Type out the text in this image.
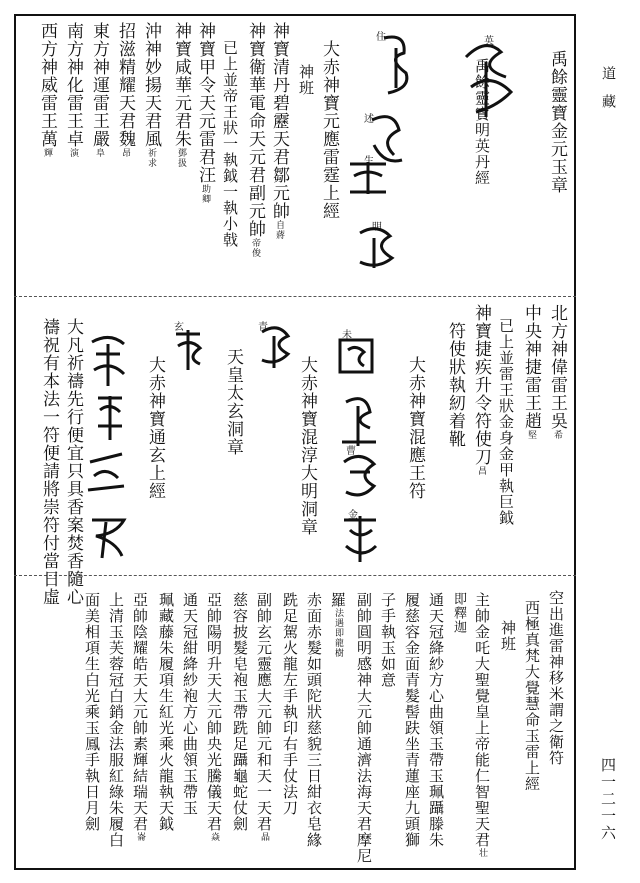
道藏
四一二一六
禹餘靈寶金元玉章
禹餘靈寶明英丹經
英
住
述
生
明
大赤神寶元應雷霆上經
神班
神寶清丹碧靂天君鄒元帥自蔣
神寶衛華電命天元君副元帥帝俊
已上並帝王狀一執鉞一執小戟
神寶甲令天元雷君汪助卿
神寶咸華元君朱鄧扱
沖神妙揚天君風祈求
招滋精耀天君魏昂
東方神運雷王嚴阜
南方神化雷王卓演
西方神威雷王萬輝
北方神偉雷王吳希
中央神捷雷王趙堅
已上並雷王狀金身金甲執巨鉞
神寶捷疾升令符使刀昌
符使狀執紉着靴
大赤神寶混應王符
大赤神寶混淳大明洞章
未
曹
金
青
天皇太玄洞章
玄
大赤神寶通玄上經
大凡祈禱先行便宜只具香案焚香隨心
禱祝有本法一符便請將崇符付當日虛
空出進雷神移米謂之衛符
西極真梵大覺慧命玉雷上經
神班
主帥金吒大聖覺皇上帝能仁智聖天君壮
即釋迦
通天冠絳紗方心曲領玉帶玉珮躡滕朱
履慈容金面青髮髻趺坐青蓮座九頭獅
子手執玉如意
副帥圓明感神大元帥通濟法海天君摩尼
羅法遇即龍樹
赤面赤髮如頭陀狀慈貌三日紺衣皂緣
跣足駕火龍左手執印右手仗法刀
副帥玄元靈應大元帥元和天一天君晶
慈容披髮皂袍玉帶跣足躡龜蛇仗劍
亞帥陽明升天大元帥央光騰儀天君焱
通天冠紺絳紗袍方心曲領玉帶玉
珮藏藤朱履項生紅光乘火龍執天鉞
亞帥陰耀皓天大元帥素輝結瑞天君崙
上清玉芙蓉冠白銷金法服紅綠朱履白
面美相項生白光乘玉鳳手執日月劍
